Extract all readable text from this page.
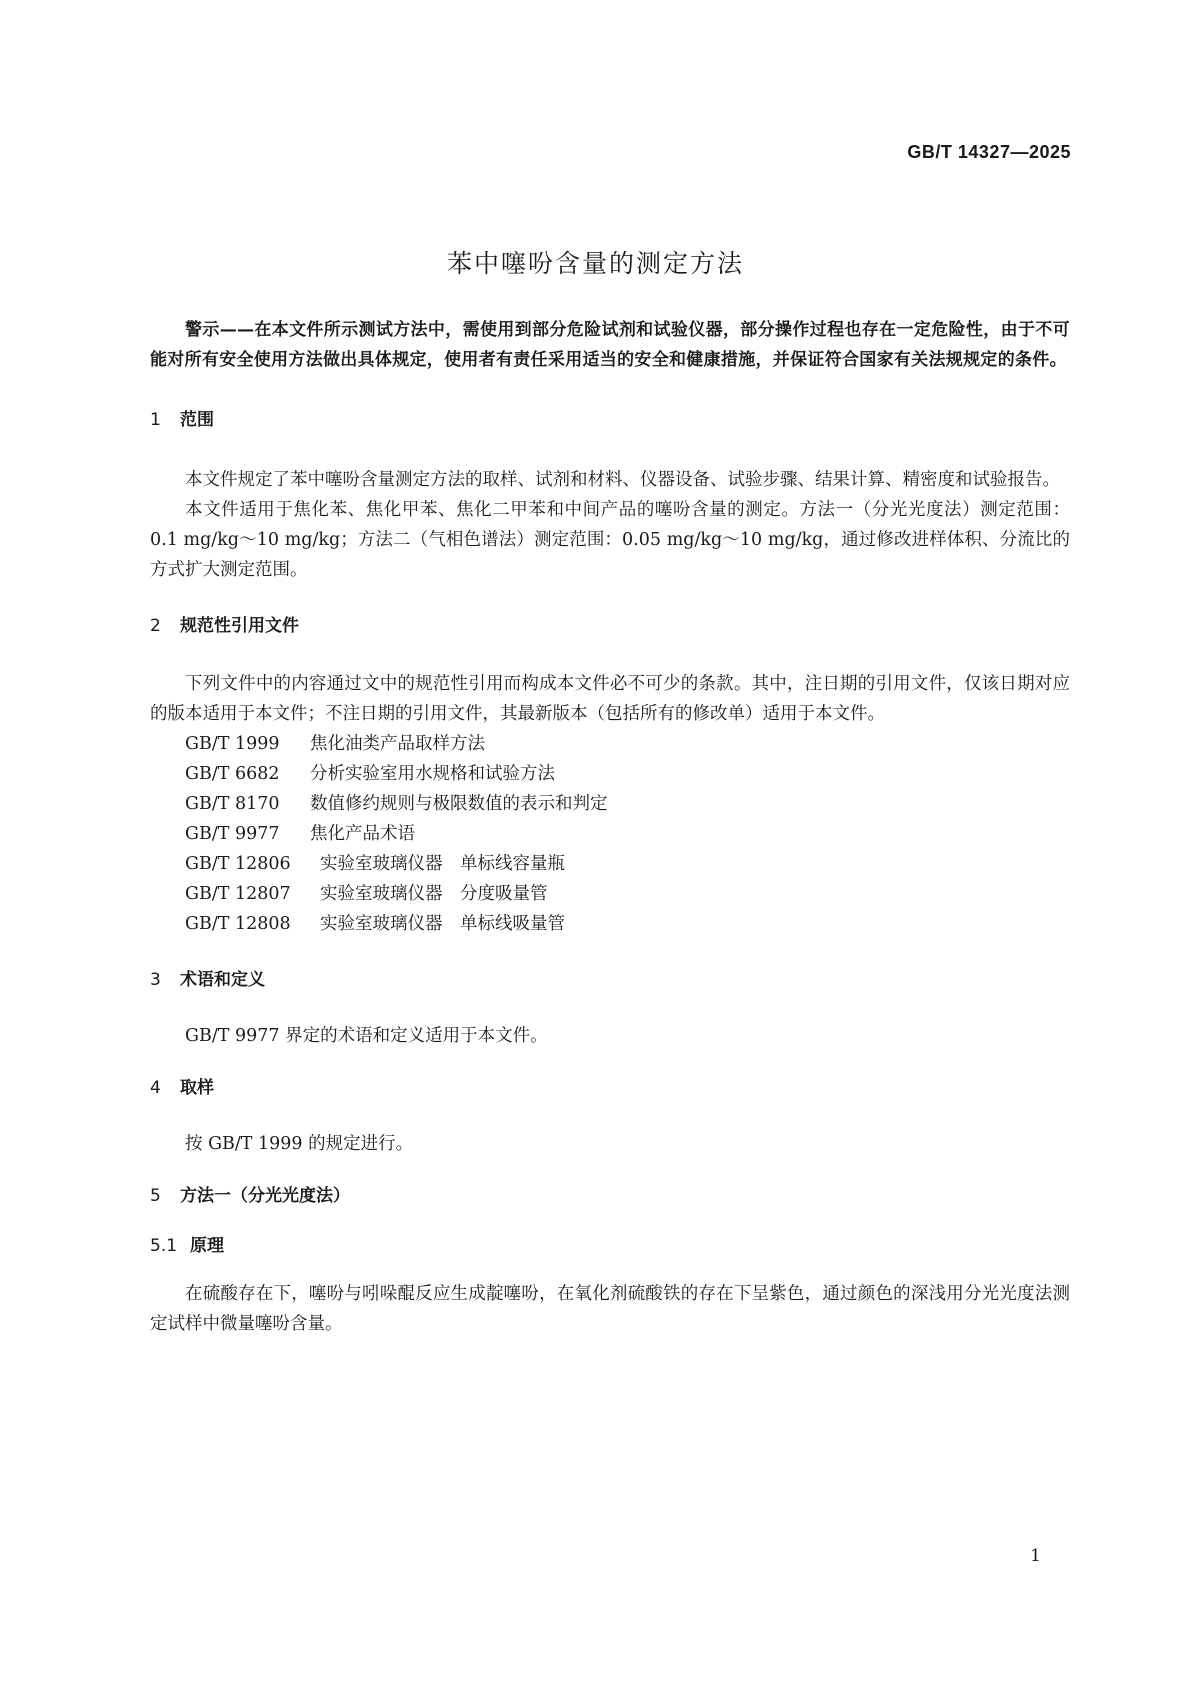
GB/T 14327—2025
苯中噻吩含量的测定方法

警示——在本文件所示测试方法中，需使用到部分危险试剂和试验仪器，部分操作过程也存在一定危险性，由于不可能对所有安全使用方法做出具体规定，使用者有责任采用适当的安全和健康措施，并保证符合国家有关法规规定的条件。

1 范围

本文件规定了苯中噻吩含量测定方法的取样、试剂和材料、仪器设备、试验步骤、结果计算、精密度和试验报告。

本文件适用于焦化苯、焦化甲苯、焦化二甲苯和中间产品的噻吩含量的测定。方法一（分光光度法）测定范围：0.1 mg/kg～10 mg/kg；方法二（气相色谱法）测定范围：0.05 mg/kg～10 mg/kg，通过修改进样体积、分流比的方式扩大测定范围。

2 规范性引用文件

下列文件中的内容通过文中的规范性引用而构成本文件必不可少的条款。其中，注日期的引用文件，仅该日期对应的版本适用于本文件；不注日期的引用文件，其最新版本（包括所有的修改单）适用于本文件。

GB/T 1999 焦化油类产品取样方法

GB/T 6682 分析实验室用水规格和试验方法

GB/T 8170 数值修约规则与极限数值的表示和判定

GB/T 9977 焦化产品术语

GB/T 12806 实验室玻璃仪器　单标线容量瓶

GB/T 12807 实验室玻璃仪器　分度吸量管

GB/T 12808 实验室玻璃仪器　单标线吸量管

3 术语和定义

GB/T 9977 界定的术语和定义适用于本文件。

4 取样

按 GB/T 1999 的规定进行。

5 方法一（分光光度法）
5.1 原理

在硫酸存在下，噻吩与吲哚醌反应生成靛噻吩，在氧化剂硫酸铁的存在下呈紫色，通过颜色的深浅用分光光度法测定试样中微量噻吩含量。

1
